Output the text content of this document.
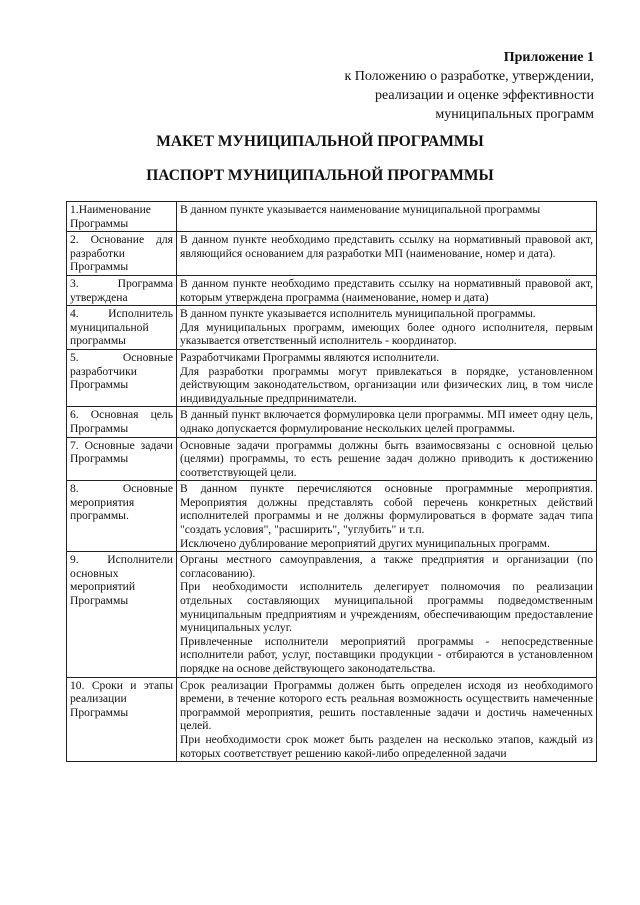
Приложение 1
к Положению о разработке, утверждении,
реализации и оценке эффективности
муниципальных программ
МАКЕТ МУНИЦИПАЛЬНОЙ ПРОГРАММЫ
ПАСПОРТ МУНИЦИПАЛЬНОЙ ПРОГРАММЫ
1.Наименование Программы	В данном пункте указывается наименование муниципальной программы

2. Основание для разработки Программы	В данном пункте необходимо представить ссылку на нормативный правовой акт, являющийся основанием для разработки МП (наименование, номер и дата).

3. Программа утверждена	В данном пункте необходимо представить ссылку на нормативный правовой акт, которым утверждена программа (наименование, номер и дата)

4. Исполнитель муниципальной программы	В данном пункте указывается исполнитель муниципальной программы.
Для муниципальных программ, имеющих более одного исполнителя, первым указывается ответственный исполнитель - координатор.

5. Основные разработчики Программы	Разработчиками Программы являются исполнители.
Для разработки программы могут привлекаться в порядке, установленном действующим законодательством, организации или физических лиц, в том числе индивидуальные предприниматели.

6. Основная цель Программы	В данный пункт включается формулировка цели программы. МП имеет одну цель, однако допускается формулирование нескольких целей программы.

7. Основные задачи Программы	Основные задачи программы должны быть взаимосвязаны с основной целью (целями) программы, то есть решение задач должно приводить к достижению соответствующей цели.

8. Основные мероприятия программы.	В данном пункте перечисляются основные программные мероприятия. Мероприятия должны представлять собой перечень конкретных действий исполнителей программы и не должны формулироваться в формате задач типа "создать условия", "расширить", "углубить" и т.п.
Исключено дублирование мероприятий других муниципальных программ.

9. Исполнители основных мероприятий Программы	Органы местного самоуправления, а также предприятия и организации (по согласованию).
При необходимости исполнитель делегирует полномочия по реализации отдельных составляющих муниципальной программы подведомственным муниципальным предприятиям и учреждениям, обеспечивающим предоставление муниципальных услуг.
Привлеченные исполнители мероприятий программы - непосредственные исполнители работ, услуг, поставщики продукции - отбираются в установленном порядке на основе действующего законодательства.

10. Сроки и этапы реализации Программы	Срок реализации Программы должен быть определен исходя из необходимого времени, в течение которого есть реальная возможность осуществить намеченные программой мероприятия, решить поставленные задачи и достичь намеченных целей.
При необходимости срок может быть разделен на несколько этапов, каждый из которых соответствует решению какой-либо определенной задачи
